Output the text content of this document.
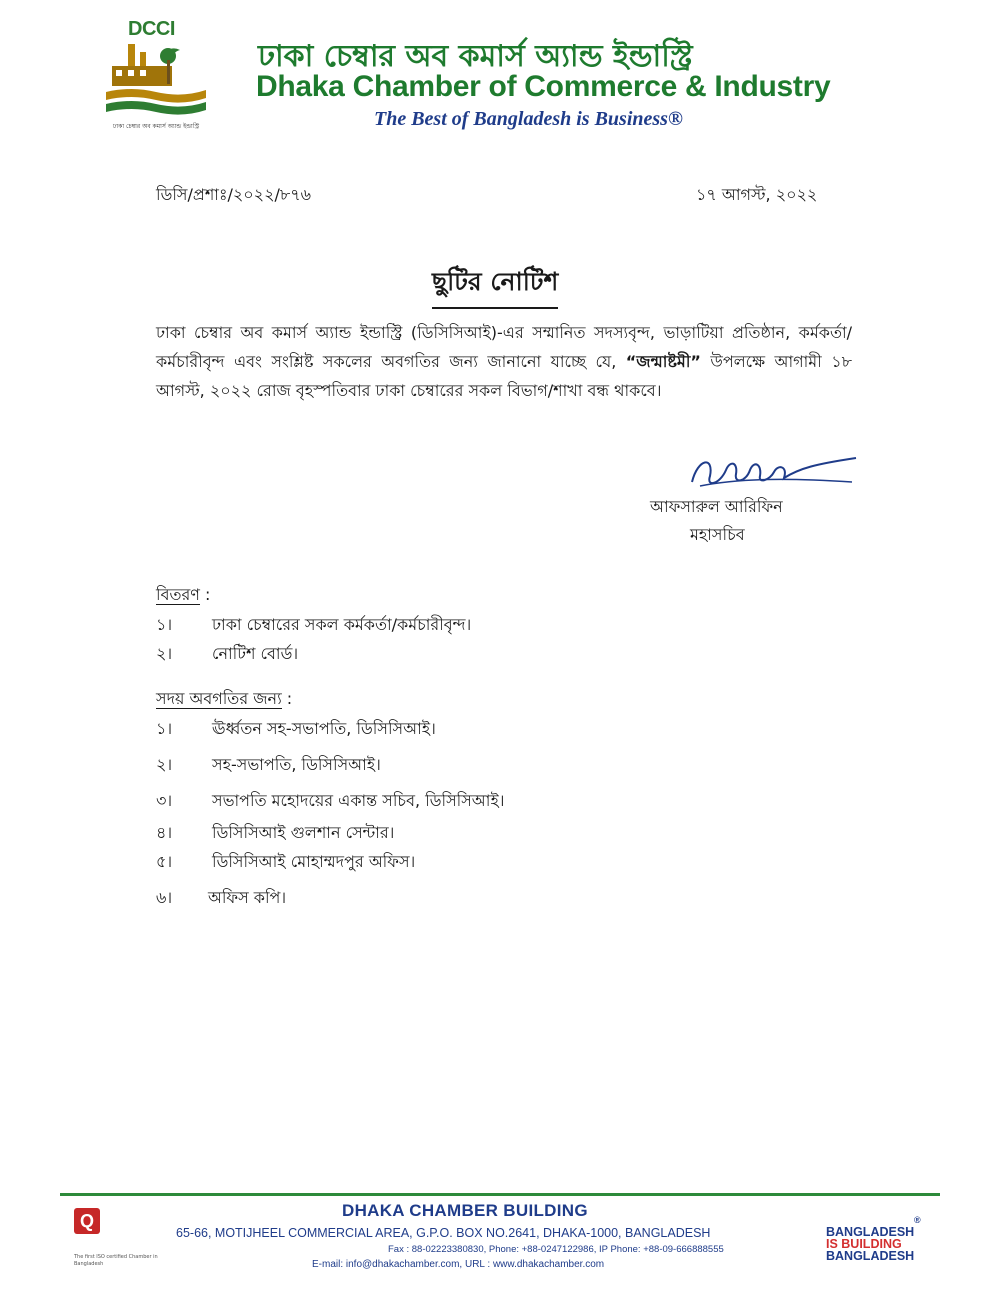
DCCI
ঢাকা চেম্বার অব কমার্স অ্যান্ড ইন্ডাস্ট্রি
ঢাকা চেম্বার অব কমার্স অ্যান্ড ইন্ডাস্ট্রি
Dhaka Chamber of Commerce & Industry
The Best of Bangladesh is Business®
ডিসি/প্রশাঃ/২০২২/৮৭৬	১৭ আগস্ট, ২০২২
ছুটির নোটিশ
ঢাকা চেম্বার অব কমার্স অ্যান্ড ইন্ডাস্ট্রি (ডিসিসিআই)-এর সম্মানিত সদস্যবৃন্দ, ভাড়াটিয়া প্রতিষ্ঠান, কর্মকর্তা/কর্মচারীবৃন্দ এবং সংশ্লিষ্ট সকলের অবগতির জন্য জানানো যাচ্ছে যে, “জন্মাষ্টমী” উপলক্ষে আগামী ১৮ আগস্ট, ২০২২ রোজ বৃহস্পতিবার ঢাকা চেম্বারের সকল বিভাগ/শাখা বন্ধ থাকবে।
আফসারুল আরিফিন
মহাসচিব
বিতরণ :
১। ঢাকা চেম্বারের সকল কর্মকর্তা/কর্মচারীবৃন্দ।
২। নোটিশ বোর্ড।
সদয় অবগতির জন্য :
১। ঊর্ধ্বতন সহ-সভাপতি, ডিসিসিআই।
২। সহ-সভাপতি, ডিসিসিআই।
৩। সভাপতি মহোদয়ের একান্ত সচিব, ডিসিসিআই।
৪। ডিসিসিআই গুলশান সেন্টার।
৫। ডিসিসিআই মোহাম্মদপুর অফিস।
৬। অফিস কপি।
Q
The first ISO certified Chamber in Bangladesh
DHAKA CHAMBER BUILDING
65-66, MOTIJHEEL COMMERCIAL AREA, G.P.O. BOX NO.2641, DHAKA-1000, BANGLADESH
Fax : 88-02223380830, Phone: +88-0247122986, IP Phone: +88-09-666888555
E-mail: info@dhakachamber.com, URL : www.dhakachamber.com
BANGLADESH
IS BUILDING
BANGLADESH
®
